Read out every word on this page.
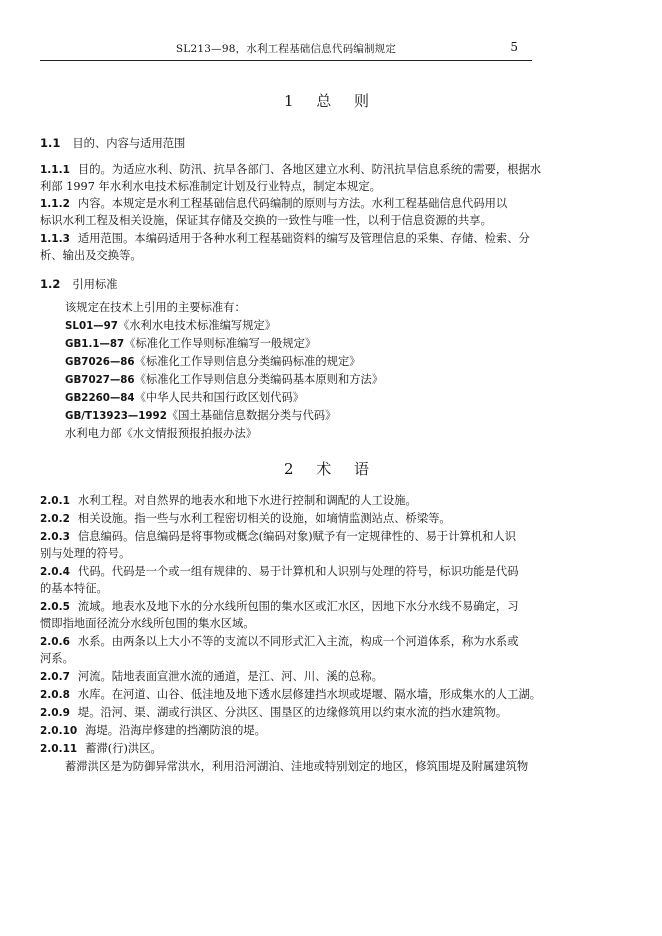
SL213—98，水利工程基础信息代码编制规定	5
1 总 则
1.1 目的、内容与适用范围
1.1.1 目的。为适应水利、防汛、抗旱各部门、各地区建立水利、防汛抗旱信息系统的需要，根据水
利部 1997 年水利水电技术标准制定计划及行业特点，制定本规定。
1.1.2 内容。本规定是水利工程基础信息代码编制的原则与方法。水利工程基础信息代码用以
标识水利工程及相关设施，保证其存储及交换的一致性与唯一性，以利于信息资源的共享。
1.1.3 适用范围。本编码适用于各种水利工程基础资料的编写及管理信息的采集、存储、检索、分
析、输出及交换等。
1.2 引用标准
该规定在技术上引用的主要标准有：
SL01—97《水利水电技术标准编写规定》
GB1.1—87《标准化工作导则标准编写一般规定》
GB7026—86《标准化工作导则信息分类编码标准的规定》
GB7027—86《标准化工作导则信息分类编码基本原则和方法》
GB2260—84《中华人民共和国行政区划代码》
GB/T13923—1992《国土基础信息数据分类与代码》
水利电力部《水文情报预报拍报办法》
2 术 语
2.0.1 水利工程。对自然界的地表水和地下水进行控制和调配的人工设施。
2.0.2 相关设施。指一些与水利工程密切相关的设施，如墒情监测站点、桥梁等。
2.0.3 信息编码。信息编码是将事物或概念(编码对象)赋予有一定规律性的、易于计算机和人识
别与处理的符号。
2.0.4 代码。代码是一个或一组有规律的、易于计算机和人识别与处理的符号，标识功能是代码
的基本特征。
2.0.5 流域。地表水及地下水的分水线所包围的集水区或汇水区，因地下水分水线不易确定，习
惯即指地面径流分水线所包围的集水区域。
2.0.6 水系。由两条以上大小不等的支流以不同形式汇入主流，构成一个河道体系，称为水系或
河系。
2.0.7 河流。陆地表面宣泄水流的通道，是江、河、川、溪的总称。
2.0.8 水库。在河道、山谷、低洼地及地下透水层修建挡水坝或堤堰、隔水墙，形成集水的人工湖。
2.0.9 堤。沿河、渠、湖或行洪区、分洪区、围垦区的边缘修筑用以约束水流的挡水建筑物。
2.0.10 海堤。沿海岸修建的挡潮防浪的堤。
2.0.11 蓄滞(行)洪区。
蓄滞洪区是为防御异常洪水，利用沿河湖泊、洼地或特别划定的地区，修筑围堤及附属建筑物
